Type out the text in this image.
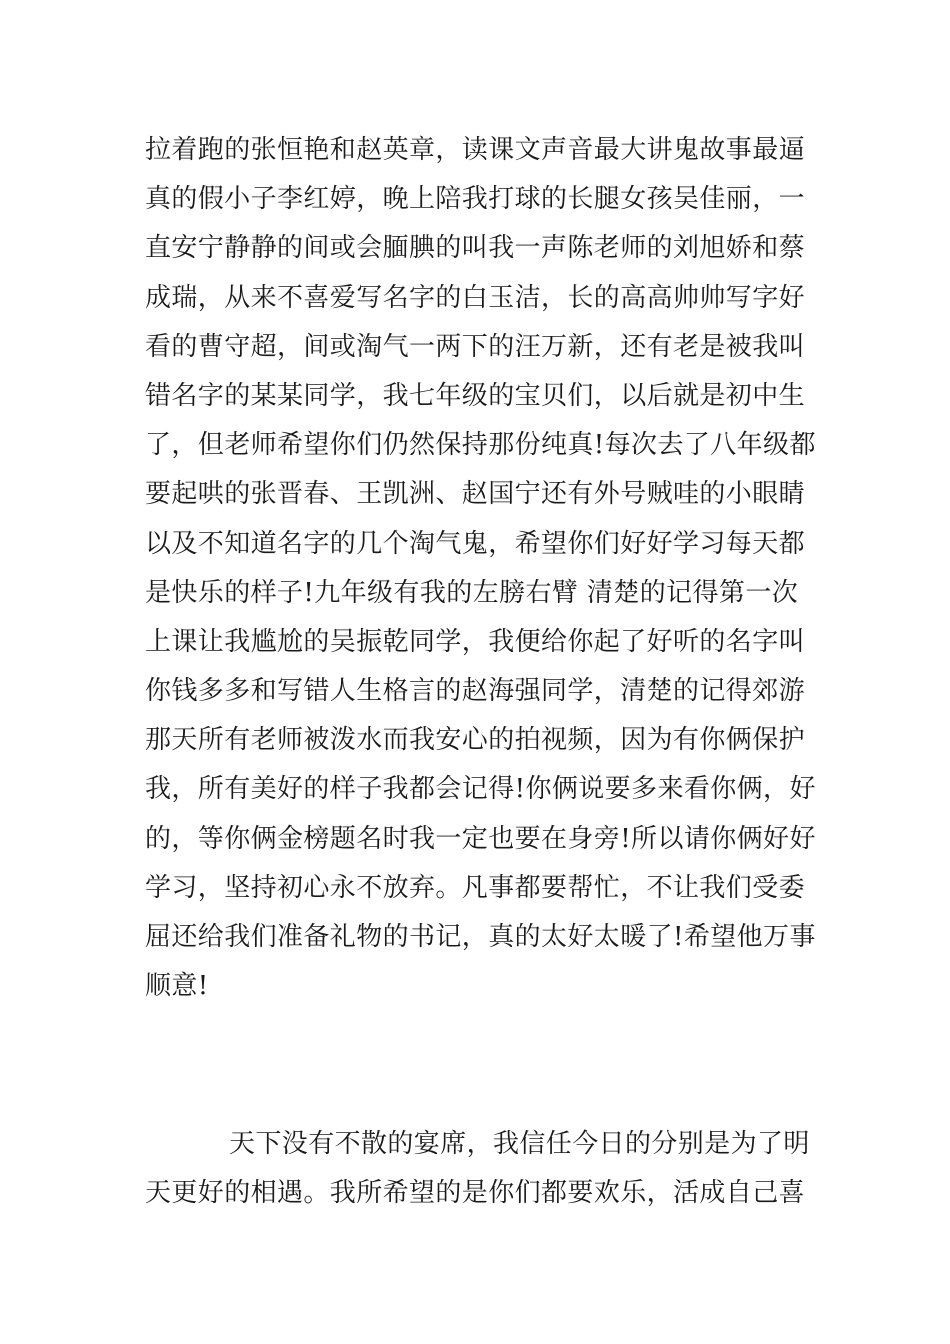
拉着跑的张恒艳和赵英章，读课文声音最大讲鬼故事最逼
真的假小子李红婷，晚上陪我打球的长腿女孩吴佳丽，一
直安宁静静的间或会腼腆的叫我一声陈老师的刘旭娇和蔡
成瑞，从来不喜爱写名字的白玉洁，长的高高帅帅写字好
看的曹守超，间或淘气一两下的汪万新，还有老是被我叫
错名字的某某同学，我七年级的宝贝们，以后就是初中生
了，但老师希望你们仍然保持那份纯真!每次去了八年级都
要起哄的张晋春、王凯洲、赵国宁还有外号贼哇的小眼睛
以及不知道名字的几个淘气鬼，希望你们好好学习每天都
是快乐的样子!九年级有我的左膀右臂 清楚的记得第一次
上课让我尴尬的吴振乾同学，我便给你起了好听的名字叫
你钱多多和写错人生格言的赵海强同学，清楚的记得郊游
那天所有老师被泼水而我安心的拍视频，因为有你俩保护
我，所有美好的样子我都会记得!你俩说要多来看你俩，好
的，等你俩金榜题名时我一定也要在身旁!所以请你俩好好
学习，坚持初心永不放弃。凡事都要帮忙，不让我们受委
屈还给我们准备礼物的书记，真的太好太暖了!希望他万事
顺意!
天下没有不散的宴席，我信任今日的分别是为了明
天更好的相遇。我所希望的是你们都要欢乐，活成自己喜
